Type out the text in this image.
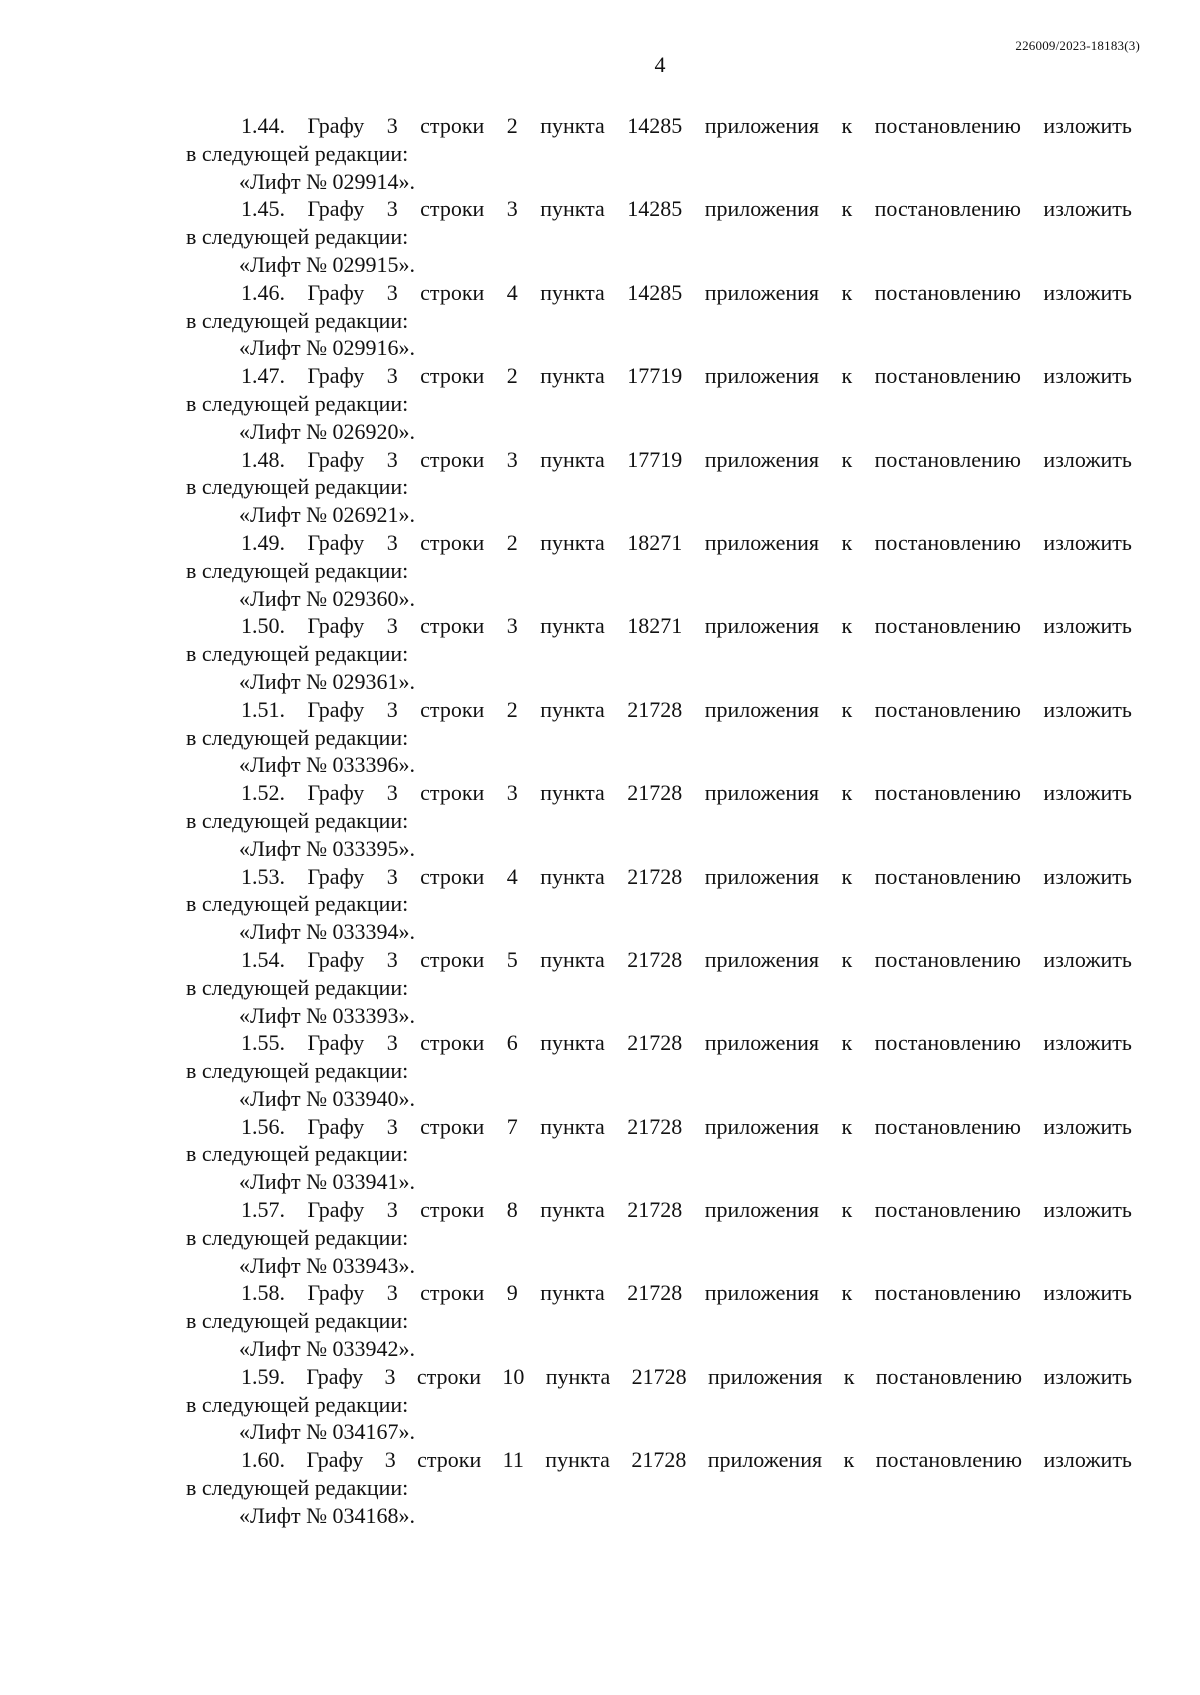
226009/2023-18183(3)
4
1.44. Графу 3 строки 2 пункта 14285 приложения к постановлению изложить
в следующей редакции:
«Лифт № 029914».
1.45. Графу 3 строки 3 пункта 14285 приложения к постановлению изложить
в следующей редакции:
«Лифт № 029915».
1.46. Графу 3 строки 4 пункта 14285 приложения к постановлению изложить
в следующей редакции:
«Лифт № 029916».
1.47. Графу 3 строки 2 пункта 17719 приложения к постановлению изложить
в следующей редакции:
«Лифт № 026920».
1.48. Графу 3 строки 3 пункта 17719 приложения к постановлению изложить
в следующей редакции:
«Лифт № 026921».
1.49. Графу 3 строки 2 пункта 18271 приложения к постановлению изложить
в следующей редакции:
«Лифт № 029360».
1.50. Графу 3 строки 3 пункта 18271 приложения к постановлению изложить
в следующей редакции:
«Лифт № 029361».
1.51. Графу 3 строки 2 пункта 21728 приложения к постановлению изложить
в следующей редакции:
«Лифт № 033396».
1.52. Графу 3 строки 3 пункта 21728 приложения к постановлению изложить
в следующей редакции:
«Лифт № 033395».
1.53. Графу 3 строки 4 пункта 21728 приложения к постановлению изложить
в следующей редакции:
«Лифт № 033394».
1.54. Графу 3 строки 5 пункта 21728 приложения к постановлению изложить
в следующей редакции:
«Лифт № 033393».
1.55. Графу 3 строки 6 пункта 21728 приложения к постановлению изложить
в следующей редакции:
«Лифт № 033940».
1.56. Графу 3 строки 7 пункта 21728 приложения к постановлению изложить
в следующей редакции:
«Лифт № 033941».
1.57. Графу 3 строки 8 пункта 21728 приложения к постановлению изложить
в следующей редакции:
«Лифт № 033943».
1.58. Графу 3 строки 9 пункта 21728 приложения к постановлению изложить
в следующей редакции:
«Лифт № 033942».
1.59. Графу 3 строки 10 пункта 21728 приложения к постановлению изложить
в следующей редакции:
«Лифт № 034167».
1.60. Графу 3 строки 11 пункта 21728 приложения к постановлению изложить
в следующей редакции:
«Лифт № 034168».
